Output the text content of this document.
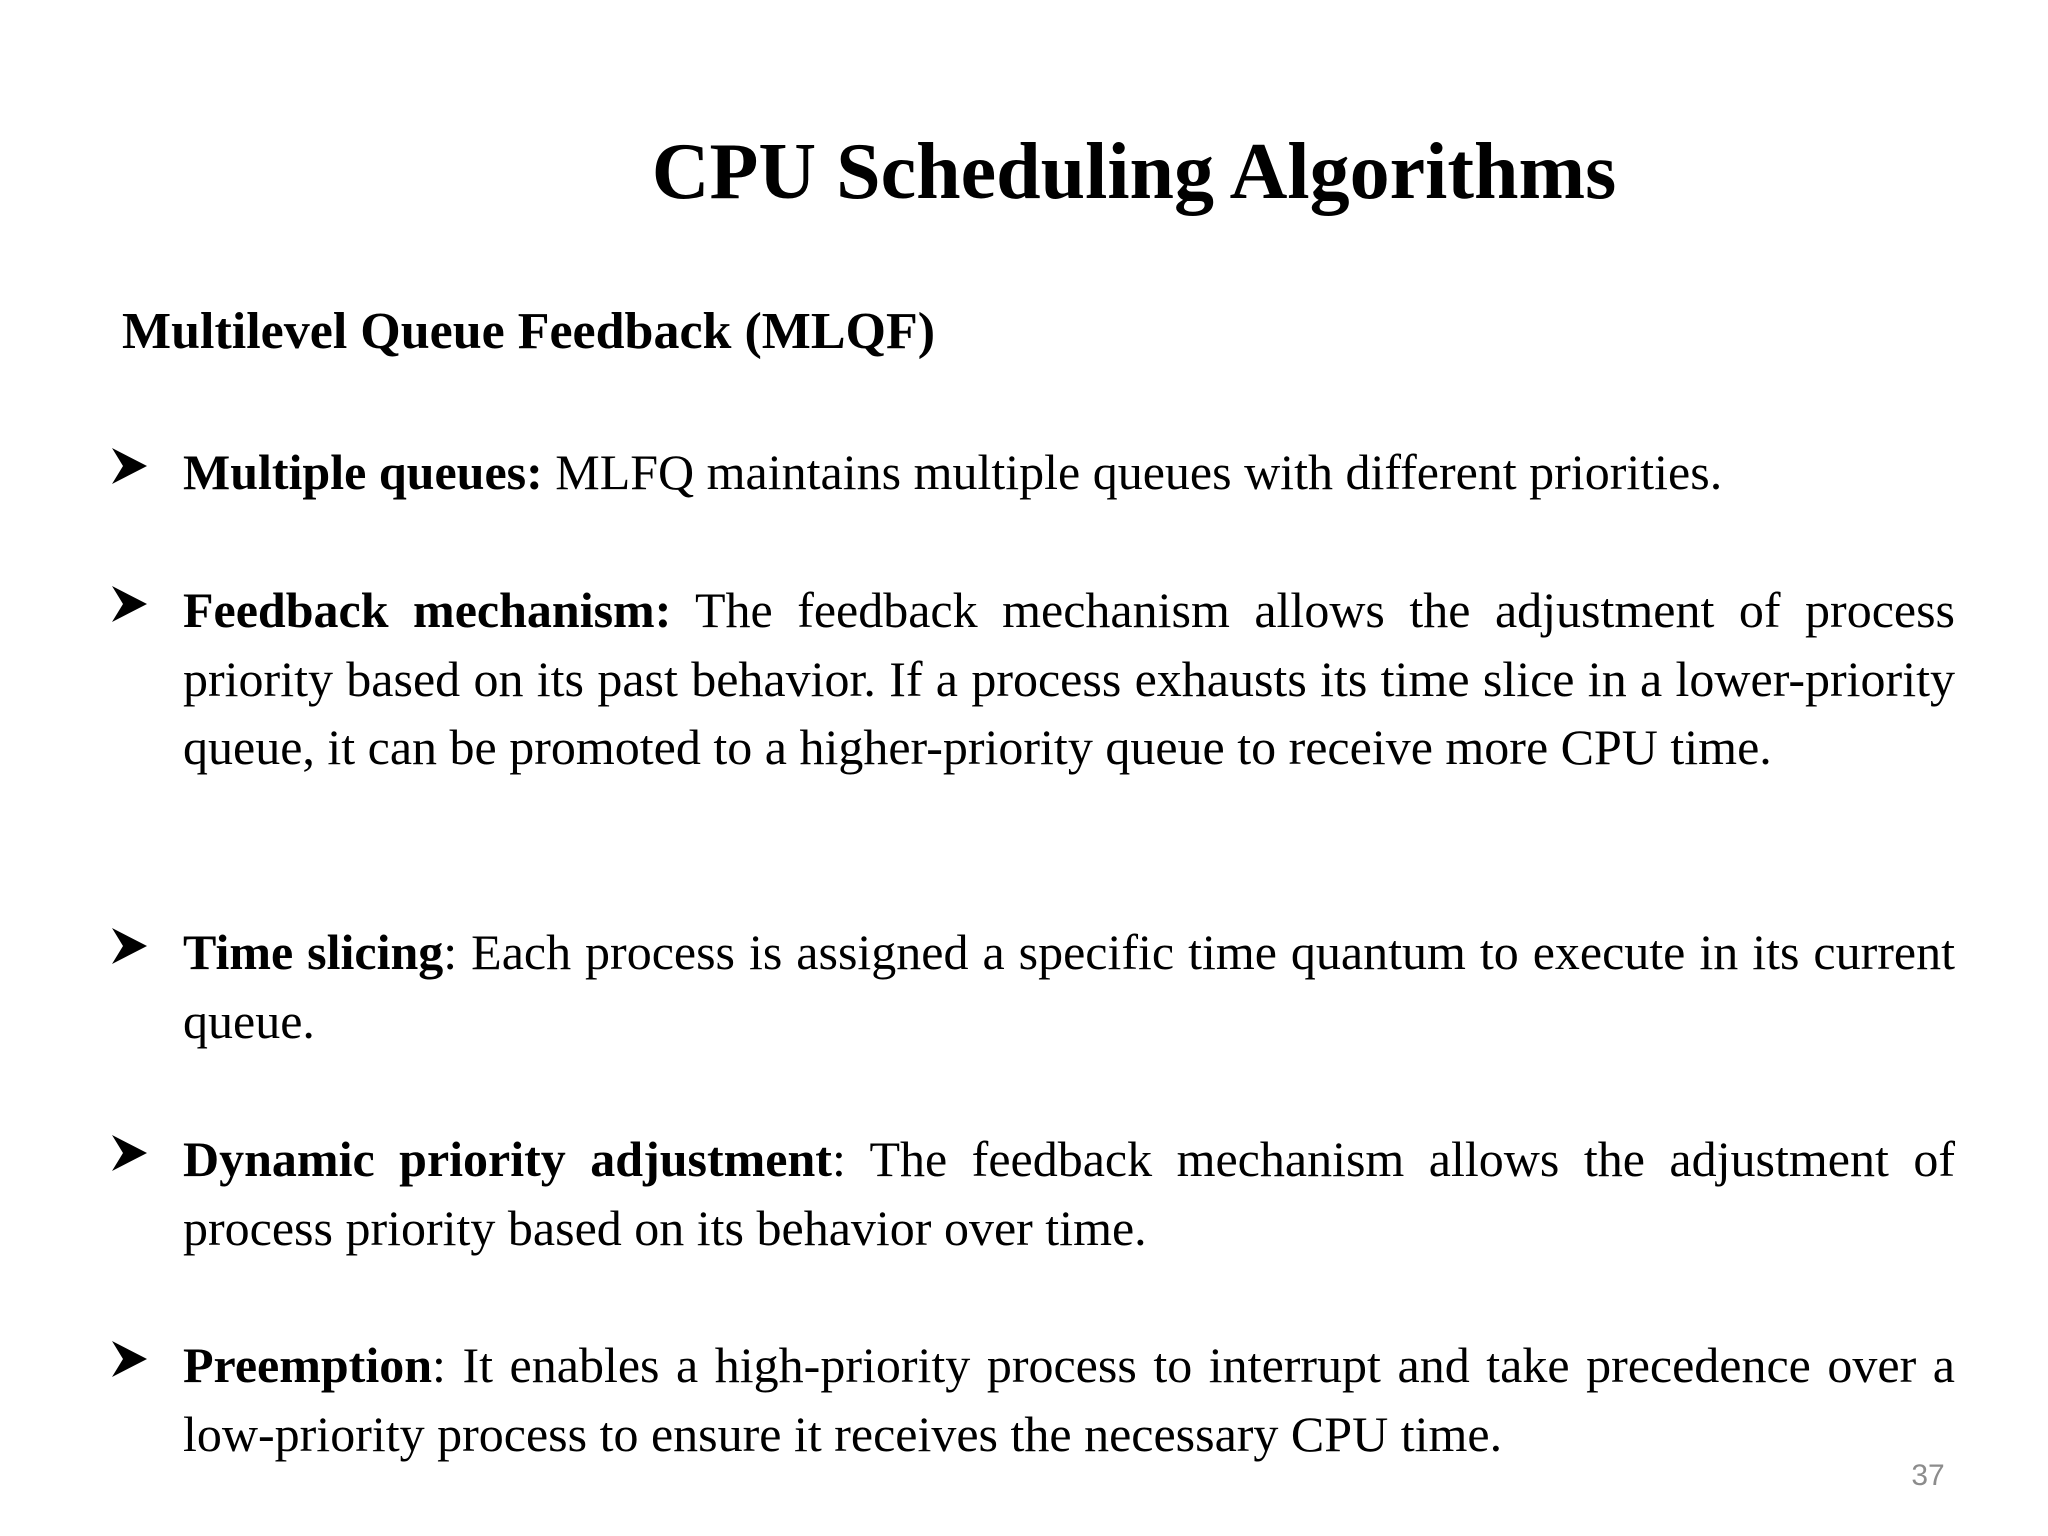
CPU Scheduling Algorithms
Multilevel Queue Feedback (MLQF)
Multiple queues: MLFQ maintains multiple queues with different priorities.
Feedback mechanism: The feedback mechanism allows the adjustment of process priority based on its past behavior. If a process exhausts its time slice in a lower-priority queue, it can be promoted to a higher-priority queue to receive more CPU time.
Time slicing: Each process is assigned a specific time quantum to execute in its current queue.
Dynamic priority adjustment: The feedback mechanism allows the adjustment of process priority based on its behavior over time.
Preemption: It enables a high-priority process to interrupt and take precedence over a low-priority process to ensure it receives the necessary CPU time.
37
